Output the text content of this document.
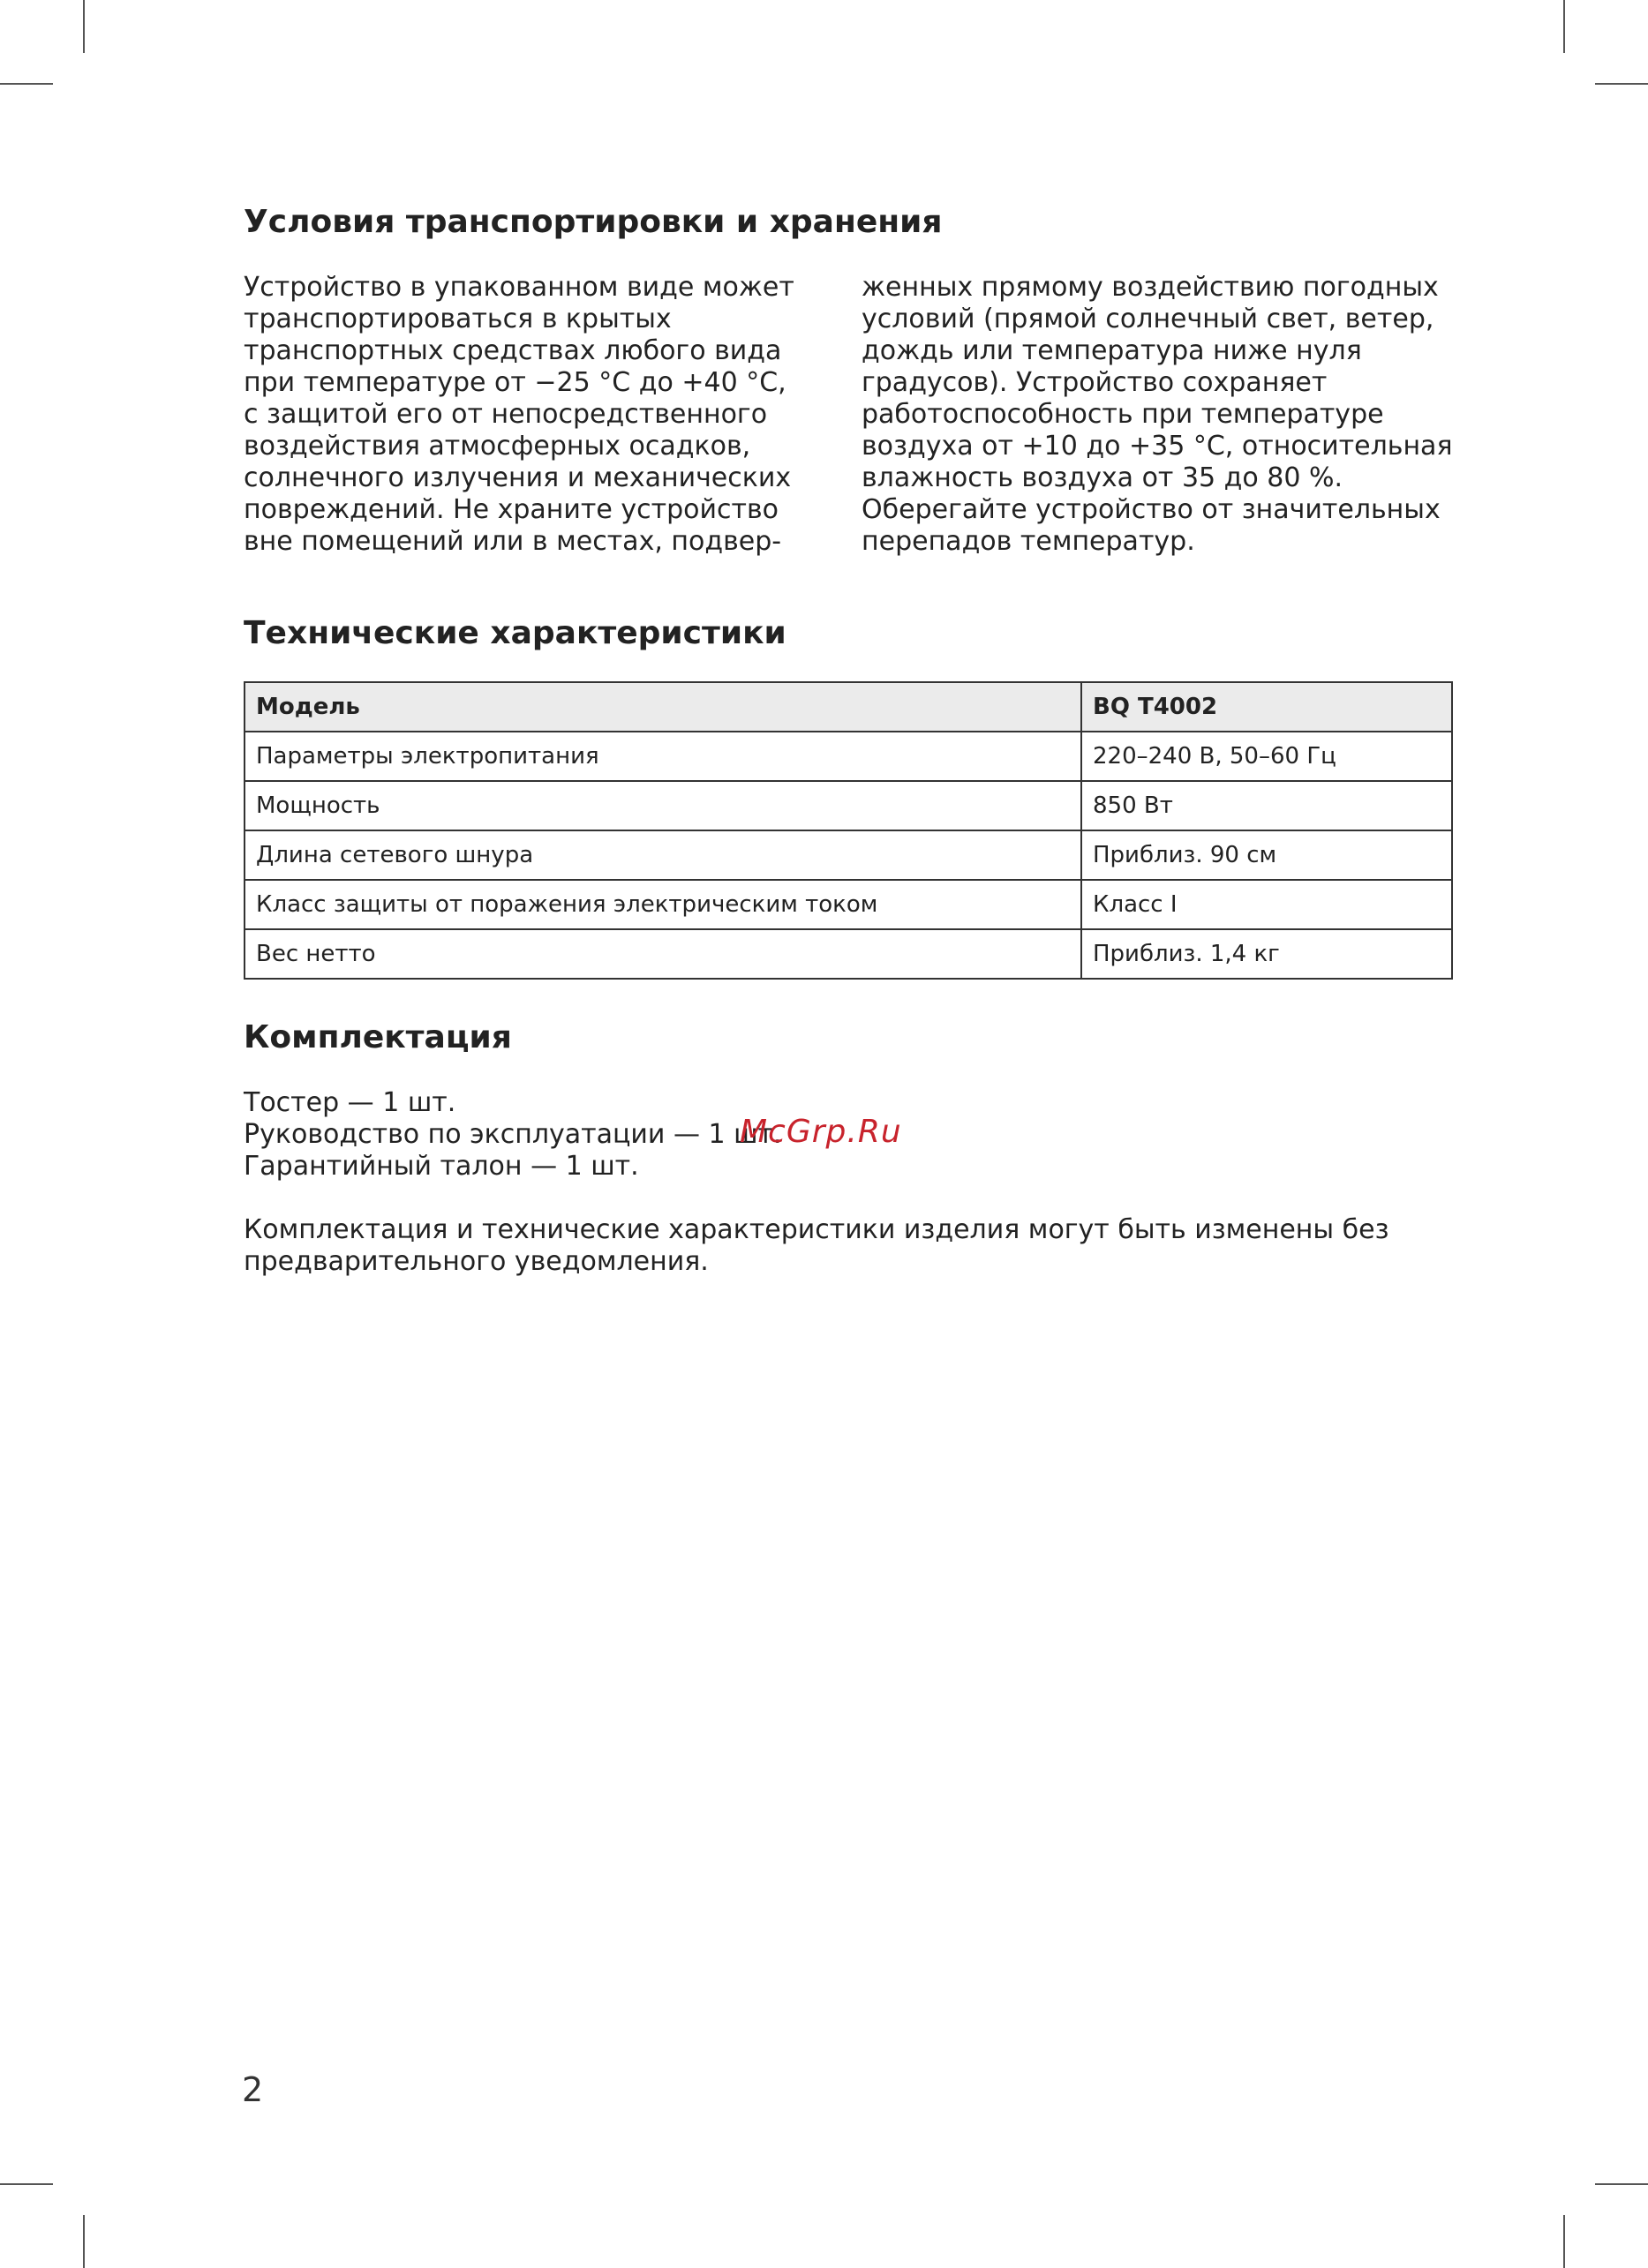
Условия транспортировки и хранения

Устройство в упакованном виде может транспортироваться в крытых транспортных средствах любого вида при температуре от −25 °С до +40 °С, с защитой его от непосредственного воздействия атмосферных осадков, солнечного излучения и механических повреждений. Не храните устройство вне помещений или в местах, подвер-

женных прямому воздействию погодных условий (прямой солнечный свет, ветер, дождь или температура ниже нуля градусов). Устройство сохраняет работоспособность при температуре воздуха от +10 до +35 °С, относительная влажность воздуха от 35 до 80 %. Оберегайте устройство от значительных перепадов температур.

Технические характеристики
Модель	BQ T4002
Параметры электропитания	220–240 В, 50–60 Гц
Мощность	850 Вт
Длина сетевого шнура	Приблиз. 90 см
Класс защиты от поражения электрическим током	Класс I
Вес нетто	Приблиз. 1,4 кг
Комплектация

Тостер — 1 шт.

Руководство по эксплуатации — 1 шт.

Гарантийный талон — 1 шт.

Комплектация и технические характеристики изделия могут быть изменены без предварительного уведомления.

McGrp.Ru
2
